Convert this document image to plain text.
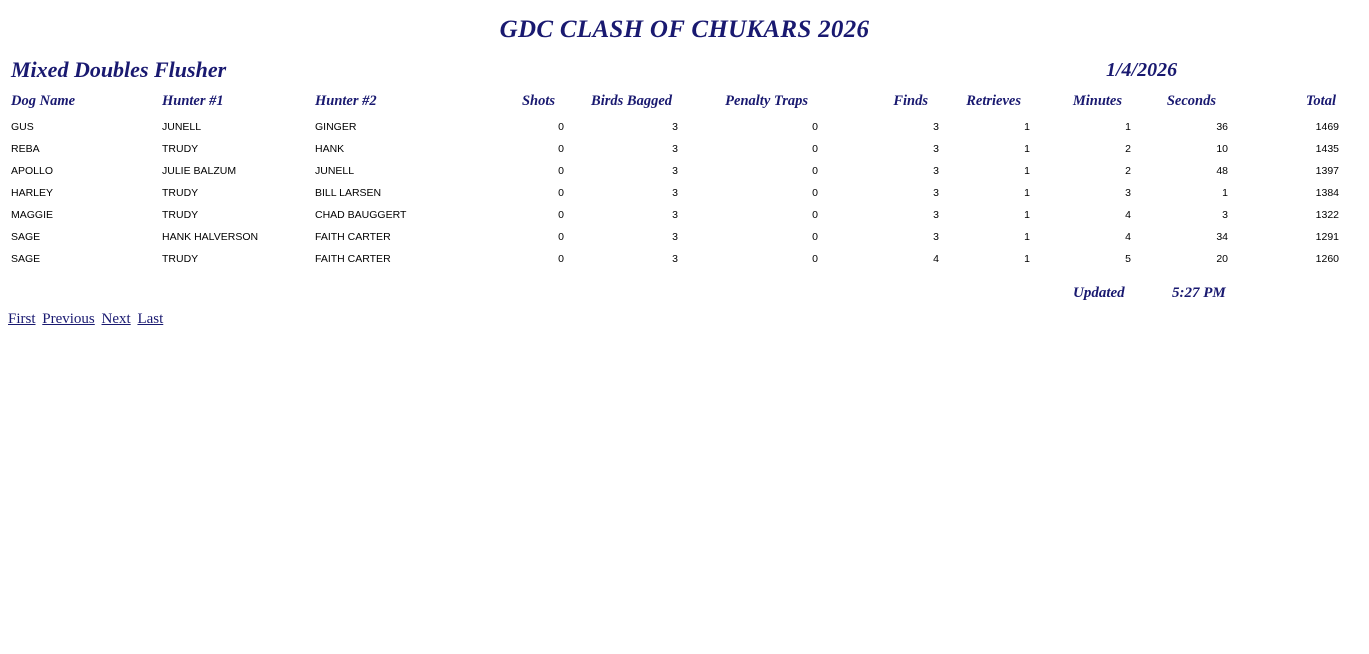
GDC CLASH OF CHUKARS 2026
Mixed Doubles Flusher	1/4/2026
Dog Name	Hunter #1	Hunter #2	Shots	Birds Bagged	Penalty Traps	Finds	Retrieves	Minutes	Seconds	Total
GUS	JUNELL	GINGER	0	3	0	3	1	1	36	1469
REBA	TRUDY	HANK	0	3	0	3	1	2	10	1435
APOLLO	JULIE BALZUM	JUNELL	0	3	0	3	1	2	48	1397
HARLEY	TRUDY	BILL LARSEN	0	3	0	3	1	3	1	1384
MAGGIE	TRUDY	CHAD BAUGGERT	0	3	0	3	1	4	3	1322
SAGE	HANK HALVERSON	FAITH CARTER	0	3	0	3	1	4	34	1291
SAGE	TRUDY	FAITH CARTER	0	3	0	4	1	5	20	1260
Updated	5:27 PM
First Previous Next Last
